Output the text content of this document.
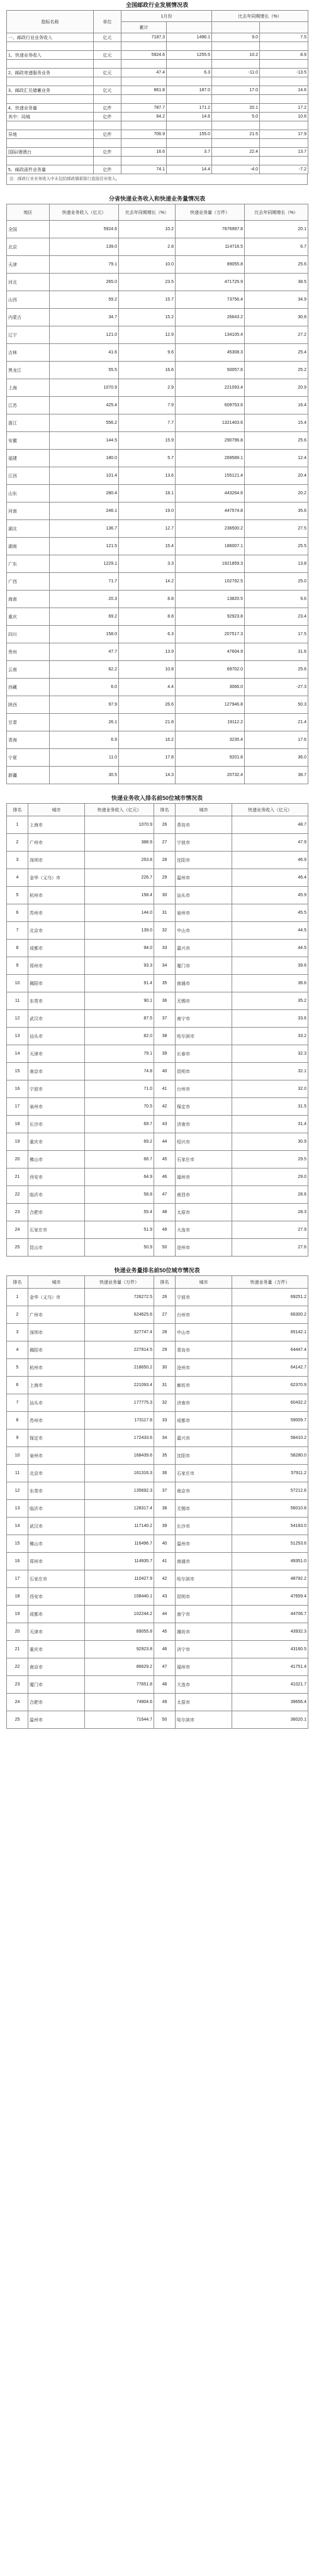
全国邮政行业发展情况表
指标名称	单位	1月份		比去年同期增长（%）	
		累计			
一、邮政行业业务收入	亿元	7187.3	1496.1	9.0	7.5

1、快递业务收入	亿元	5924.6	1255.5	10.2	8.9

2、邮政寄递服务业务	亿元	47.4	6.3	-11.0	-13.5

3、邮政汇兑储蓄业务	亿元	861.8	187.0	17.0	14.6

4、快递业务量	亿件	787.7	171.2	20.1	17.2
其中：同城	亿件	64.2	14.6	5.0	10.6

异地	亿件	706.9	155.0	21.5	17.9

国际/港澳台	亿件	16.6	3.7	22.4	13.7

5、邮政函件业务量	亿件	74.1	14.4	-4.0	-7.2
注：邮政行业业务收入中未包括邮政储蓄银行直接营业收入。
分省快递业务收入和快递业务量情况表
地区	快递业务收入（亿元）	比去年同期增长（%）	快递业务量（万件）	比去年同期增长（%）
全国	5924.6	10.2	7876997.8	20.1
北京	139.0	2.8	114716.5	6.7
天津	79.1	10.0	89055.8	25.6
河北	265.0	23.5	471725.9	38.5
山西	59.2	15.7	73756.4	34.9
内蒙古	34.7	15.2	26643.2	30.8
辽宁	121.0	12.9	134105.4	27.2
吉林	41.6	9.6	45308.3	25.4
黑龙江	55.5	16.6	50057.6	25.2
上海	1070.9	2.9	221093.4	20.9
江苏	425.4	7.9	609753.6	16.4
浙江	556.2	7.7	1321403.6	15.4
安徽	144.5	15.9	290796.8	25.6
福建	180.0	5.7	269589.1	12.4
江西	101.4	13.6	155121.4	20.4
山东	280.4	18.1	443264.6	20.2
河南	246.1	19.0	447574.8	35.6
湖北	136.7	12.7	236500.2	27.5
湖南	121.5	15.4	186007.1	25.5
广东	1229.1	3.3	1921859.3	13.8
广西	71.7	14.2	102792.5	25.0
海南	20.3	8.8	13820.5	9.6
重庆	69.2	8.8	92923.8	23.4
四川	158.0	6.3	207517.3	17.5
贵州	47.7	13.9	47604.9	31.6
云南	62.2	10.8	69702.0	25.6
西藏	6.0	4.4	3066.0	-27.3
陕西	97.9	26.6	127946.8	50.3
甘肃	26.1	21.8	19112.2	21.4
青海	6.9	16.2	3235.4	17.6
宁夏	11.0	17.8	9201.8	36.0
新疆	30.5	14.3	20732.4	38.7
快递业务收入排名前50位城市情况表
排名	城市	快递业务收入（亿元）	排名	城市	快递业务收入（亿元）
1	上海市	1070.9	26	青岛市	48.7
2	广州市	388.9	27	宁波市	47.9
3	深圳市	253.8	28	沈阳市	46.9
4	金华（义乌）市	226.7	29	温州市	46.4
5	杭州市	158.4	30	汕头市	45.9
6	苏州市	144.0	31	泉州市	45.5
7	北京市	139.0	32	中山市	44.5
8	成都市	94.0	33	嘉兴市	44.5
9	郑州市	93.3	34	厦门市	39.6
10	揭阳市	91.4	35	南通市	36.6
11	东莞市	90.1	36	无锡市	35.2
12	武汉市	87.5	37	南宁市	33.6
13	汕头市	82.0	38	哈尔滨市	33.2
14	天津市	79.1	39	长春市	32.3
15	南京市	74.8	40	昆明市	32.1
16	宁波市	71.0	41	台州市	32.0
17	泉州市	70.5	42	保定市	31.5
18	长沙市	69.7	43	济南市	31.4
19	重庆市	69.2	44	绍兴市	30.9
20	佛山市	66.7	45	石家庄市	29.5
21	西安市	64.9	46	福州市	29.0
22	临沂市	58.8	47	南昌市	28.6
23	合肥市	55.4	48	太原市	28.3
24	石家庄市	51.9	49	大连市	27.9
25	昆山市	50.9	50	沧州市	27.6
快递业务量排名前50位城市情况表
排名	城市	快递业务量（万件）	排名	城市	快递业务量（万件）
1	金华（义乌）市	726272.5	26	宁波市	69251.2
2	广州市	624625.6	27	台州市	66300.2
3	深圳市	327747.4	28	中山市	65142.1
4	揭阳市	227914.5	29	青岛市	64447.4
5	杭州市	218650.2	30	沧州市	64142.7
6	上海市	221093.4	31	廊坊市	62370.9
7	汕头市	177775.3	32	济南市	60432.2
8	苏州市	173117.8	33	成都市	59009.7
9	保定市	172433.6	34	嘉兴市	58410.2
10	泉州市	168439.6	35	沈阳市	58280.0
11	北京市	161316.3	36	石家庄市	57911.2
12	东莞市	135692.3	37	南京市	57212.6
13	临沂市	128317.4	38	无锡市	56010.8
14	武汉市	117140.2	39	长沙市	54183.0
15	佛山市	116496.7	40	温州市	51253.6
16	郑州市	114935.7	41	南通市	49351.0
17	石家庄市	110427.9	42	哈尔滨市	48792.2
18	西安市	108440.1	43	昆明市	47659.4
19	成都市	102244.2	44	南宁市	44706.7
20	天津市	89055.8	45	潍坊市	43932.3
21	重庆市	92923.8	46	济宁市	43160.5
22	南京市	86629.2	47	福州市	41751.4
23	厦门市	77651.8	48	大连市	41021.7
24	合肥市	74904.6	49	太原市	39656.4
25	温州市	71644.7	50	哈尔滨市	36020.1
